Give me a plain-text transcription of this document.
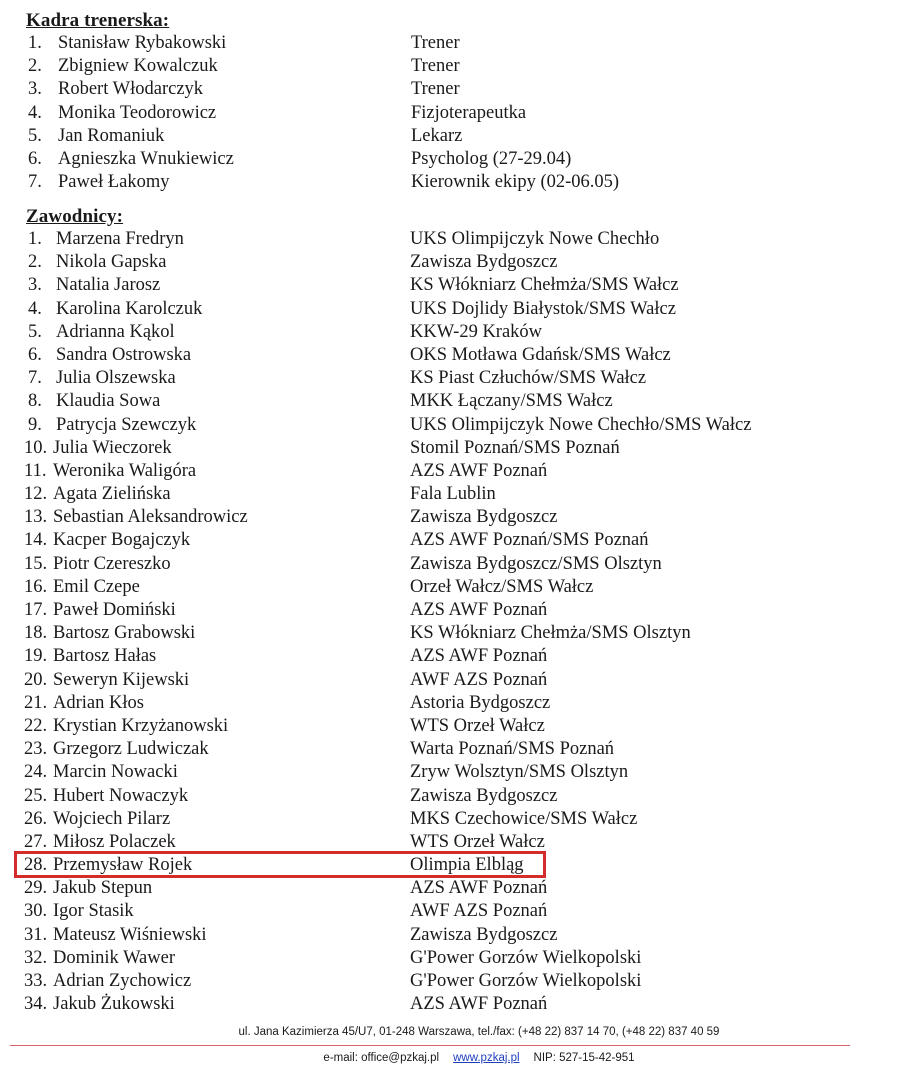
Kadra trenerska:
1. Stanisław Rybakowski	Trener
2. Zbigniew Kowalczuk	Trener
3. Robert Włodarczyk	Trener
4. Monika Teodorowicz	Fizjoterapeutka
5. Jan Romaniuk	Lekarz
6. Agnieszka Wnukiewicz	Psycholog (27-29.04)
7. Paweł Łakomy	Kierownik ekipy (02-06.05)
Zawodnicy:
1. Marzena Fredryn	UKS Olimpijczyk Nowe Chechło
2. Nikola Gapska	Zawisza Bydgoszcz
3. Natalia Jarosz	KS Włókniarz Chełmża/SMS Wałcz
4. Karolina Karolczuk	UKS Dojlidy Białystok/SMS Wałcz
5. Adrianna Kąkol	KKW-29 Kraków
6. Sandra Ostrowska	OKS Motława Gdańsk/SMS Wałcz
7. Julia Olszewska	KS Piast Człuchów/SMS Wałcz
8. Klaudia Sowa	MKK Łączany/SMS Wałcz
9. Patrycja Szewczyk	UKS Olimpijczyk Nowe Chechło/SMS Wałcz
10. Julia Wieczorek	Stomil Poznań/SMS Poznań
11. Weronika Waligóra	AZS AWF Poznań
12. Agata Zielińska	Fala Lublin
13. Sebastian Aleksandrowicz	Zawisza Bydgoszcz
14. Kacper Bogajczyk	AZS AWF Poznań/SMS Poznań
15. Piotr Czereszko	Zawisza Bydgoszcz/SMS Olsztyn
16. Emil Czepe	Orzeł Wałcz/SMS Wałcz
17. Paweł Domiński	AZS AWF Poznań
18. Bartosz Grabowski	KS Włókniarz Chełmża/SMS Olsztyn
19. Bartosz Hałas	AZS AWF Poznań
20. Seweryn Kijewski	AWF AZS Poznań
21. Adrian Kłos	Astoria Bydgoszcz
22. Krystian Krzyżanowski	WTS Orzeł Wałcz
23. Grzegorz Ludwiczak	Warta Poznań/SMS Poznań
24. Marcin Nowacki	Zryw Wolsztyn/SMS Olsztyn
25. Hubert Nowaczyk	Zawisza Bydgoszcz
26. Wojciech Pilarz	MKS Czechowice/SMS Wałcz
27. Miłosz Polaczek	WTS Orzeł Wałcz
28. Przemysław Rojek	Olimpia Elbląg
29. Jakub Stepun	AZS AWF Poznań
30. Igor Stasik	AWF AZS Poznań
31. Mateusz Wiśniewski	Zawisza Bydgoszcz
32. Dominik Wawer	G'Power Gorzów Wielkopolski
33. Adrian Zychowicz	G'Power Gorzów Wielkopolski
34. Jakub Żukowski	AZS AWF Poznań
ul. Jana Kazimierza 45/U7, 01-248 Warszawa, tel./fax: (+48 22) 837 14 70, (+48 22) 837 40 59
e-mail: office@pzkaj.pl www.pzkaj.pl NIP: 527-15-42-951
